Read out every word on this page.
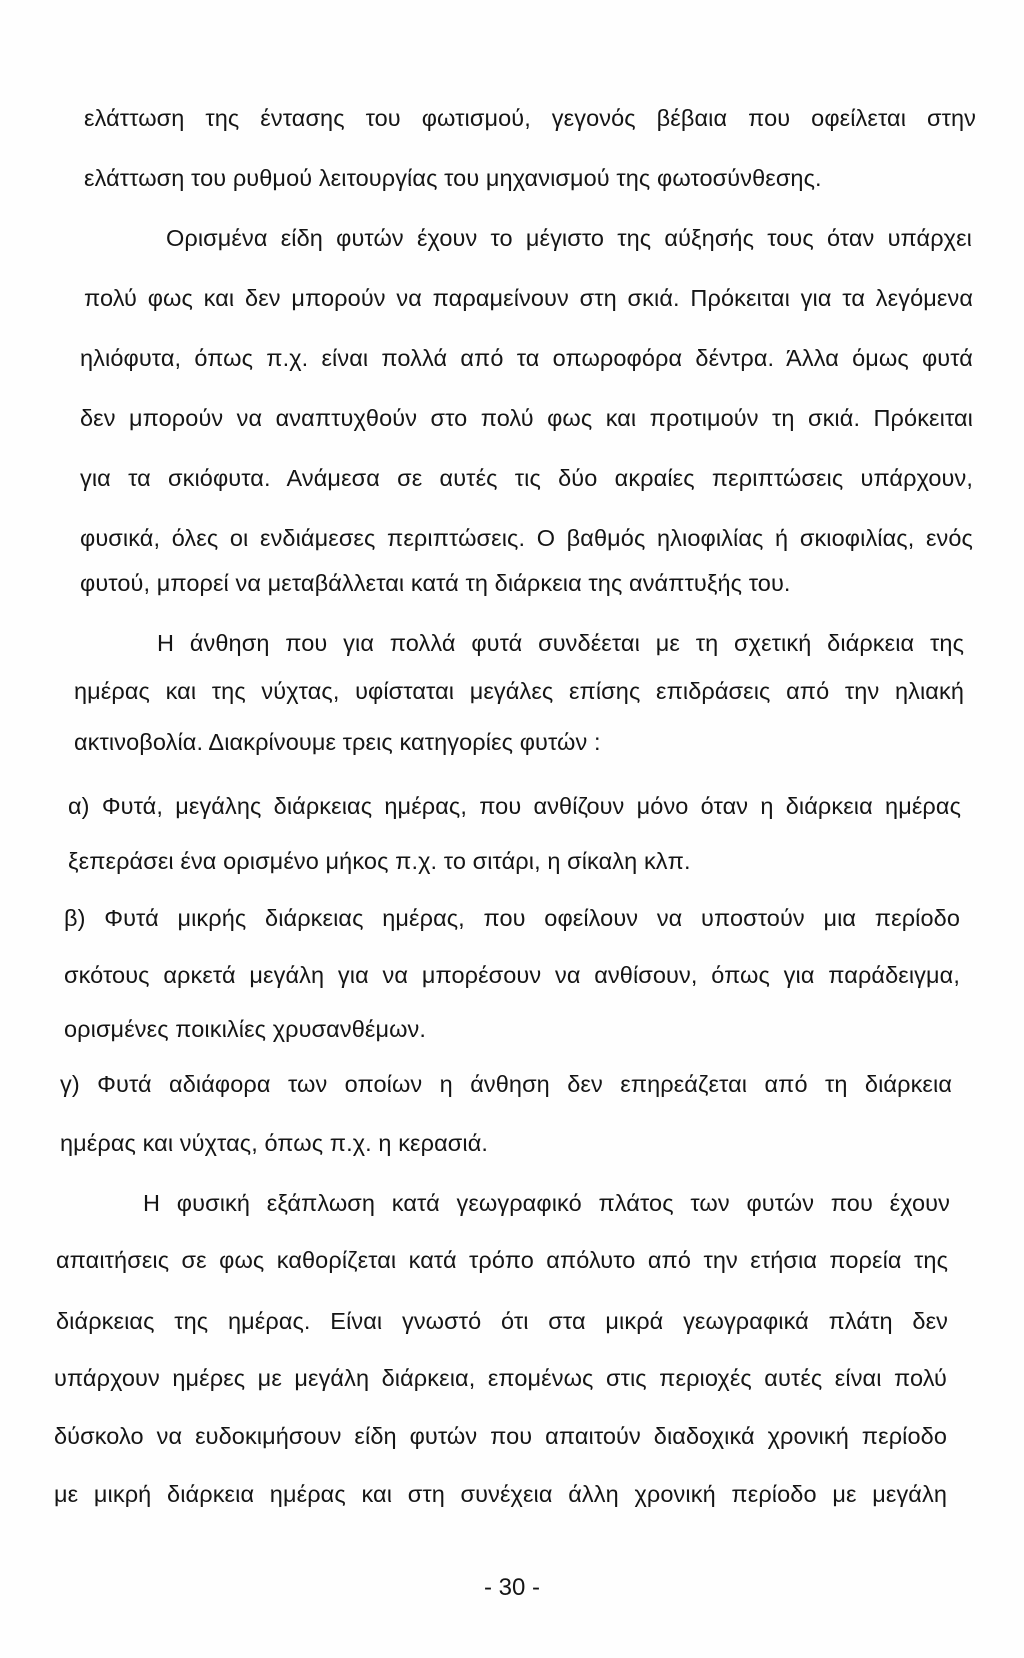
ελάττωση της έντασης του φωτισμού, γεγονός βέβαια που οφείλεται στην
ελάττωση του ρυθμού λειτουργίας του μηχανισμού της φωτοσύνθεσης.
Ορισμένα είδη φυτών έχουν το μέγιστο της αύξησής τους όταν υπάρχει
πολύ φως και δεν μπορούν να παραμείνουν στη σκιά. Πρόκειται για τα λεγόμενα
ηλιόφυτα, όπως π.χ. είναι πολλά από τα οπωροφόρα δέντρα. Άλλα όμως φυτά
δεν μπορούν να αναπτυχθούν στο πολύ φως και προτιμούν τη σκιά. Πρόκειται
για τα σκιόφυτα. Ανάμεσα σε αυτές τις δύο ακραίες περιπτώσεις υπάρχουν,
φυσικά, όλες οι ενδιάμεσες περιπτώσεις. Ο βαθμός ηλιοφιλίας ή σκιοφιλίας, ενός
φυτού, μπορεί να μεταβάλλεται κατά τη διάρκεια της ανάπτυξής του.
Η άνθηση που για πολλά φυτά συνδέεται με τη σχετική διάρκεια της
ημέρας και της νύχτας, υφίσταται μεγάλες επίσης επιδράσεις από την ηλιακή
ακτινοβολία. Διακρίνουμε τρεις κατηγορίες φυτών :
α) Φυτά, μεγάλης διάρκειας ημέρας, που ανθίζουν μόνο όταν η διάρκεια ημέρας
ξεπεράσει ένα ορισμένο μήκος π.χ. το σιτάρι, η σίκαλη κλπ.
β) Φυτά μικρής διάρκειας ημέρας, που οφείλουν να υποστούν μια περίοδο
σκότους αρκετά μεγάλη για να μπορέσουν να ανθίσουν, όπως για παράδειγμα,
ορισμένες ποικιλίες χρυσανθέμων.
γ) Φυτά αδιάφορα των οποίων η άνθηση δεν επηρεάζεται από τη διάρκεια
ημέρας και νύχτας, όπως π.χ. η κερασιά.
Η φυσική εξάπλωση κατά γεωγραφικό πλάτος των φυτών που έχουν
απαιτήσεις σε φως καθορίζεται κατά τρόπο απόλυτο από την ετήσια πορεία της
διάρκειας της ημέρας. Είναι γνωστό ότι στα μικρά γεωγραφικά πλάτη δεν
υπάρχουν ημέρες με μεγάλη διάρκεια, επομένως στις περιοχές αυτές είναι πολύ
δύσκολο να ευδοκιμήσουν είδη φυτών που απαιτούν διαδοχικά χρονική περίοδο
με μικρή διάρκεια ημέρας και στη συνέχεια άλλη χρονική περίοδο με μεγάλη
- 30 -
